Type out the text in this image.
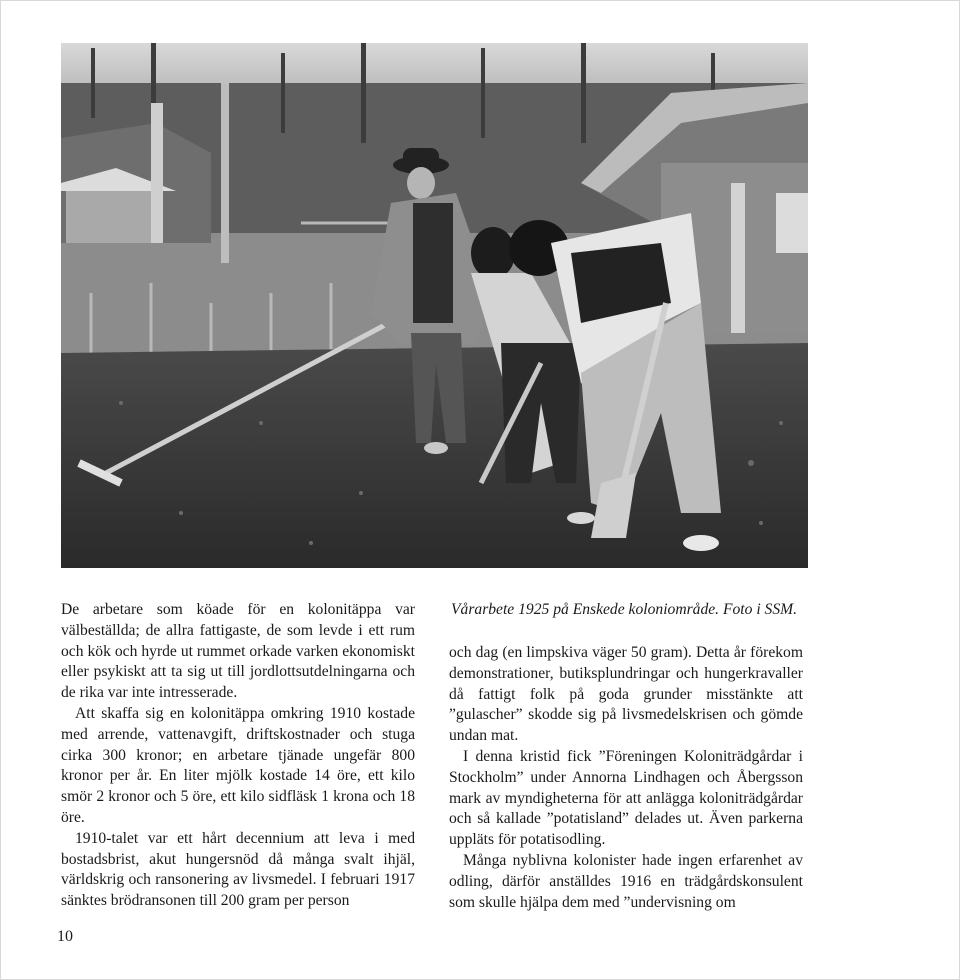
De arbetare som köade för en kolonitäppa var välbeställda; de allra fattigaste, de som levde i ett rum och kök och hyrde ut rummet orkade varken ekonomiskt eller psykiskt att ta sig ut till jordlottsutdelningarna och de rika var inte intresserade.

Att skaffa sig en kolonitäppa omkring 1910 kostade med arrende, vattenavgift, driftskostnader och stuga cirka 300 kronor; en arbetare tjänade ungefär 800 kronor per år. En liter mjölk kostade 14 öre, ett kilo smör 2 kronor och 5 öre, ett kilo sidfläsk 1 krona och 18 öre.

1910-talet var ett hårt decennium att leva i med bostadsbrist, akut hungersnöd då många svalt ihjäl, världskrig och ransonering av livsmedel. I februari 1917 sänktes brödransonen till 200 gram per person

Vårarbete 1925 på Enskede koloniområde. Foto i SSM.

och dag (en limpskiva väger 50 gram). Detta år förekom demonstrationer, butiksplundringar och hungerkravaller då fattigt folk på goda grunder misstänkte att ”gulascher” skodde sig på livsmedelskrisen och gömde undan mat.

I denna kristid fick ”Föreningen Koloniträdgårdar i Stockholm” under Annorna Lindhagen och Åbergsson mark av myndigheterna för att anlägga koloniträdgårdar och så kallade ”potatisland” delades ut. Även parkerna uppläts för potatisodling.

Många nyblivna kolonister hade ingen erfarenhet av odling, därför anställdes 1916 en trädgårdskonsulent som skulle hjälpa dem med ”undervisning om

10
